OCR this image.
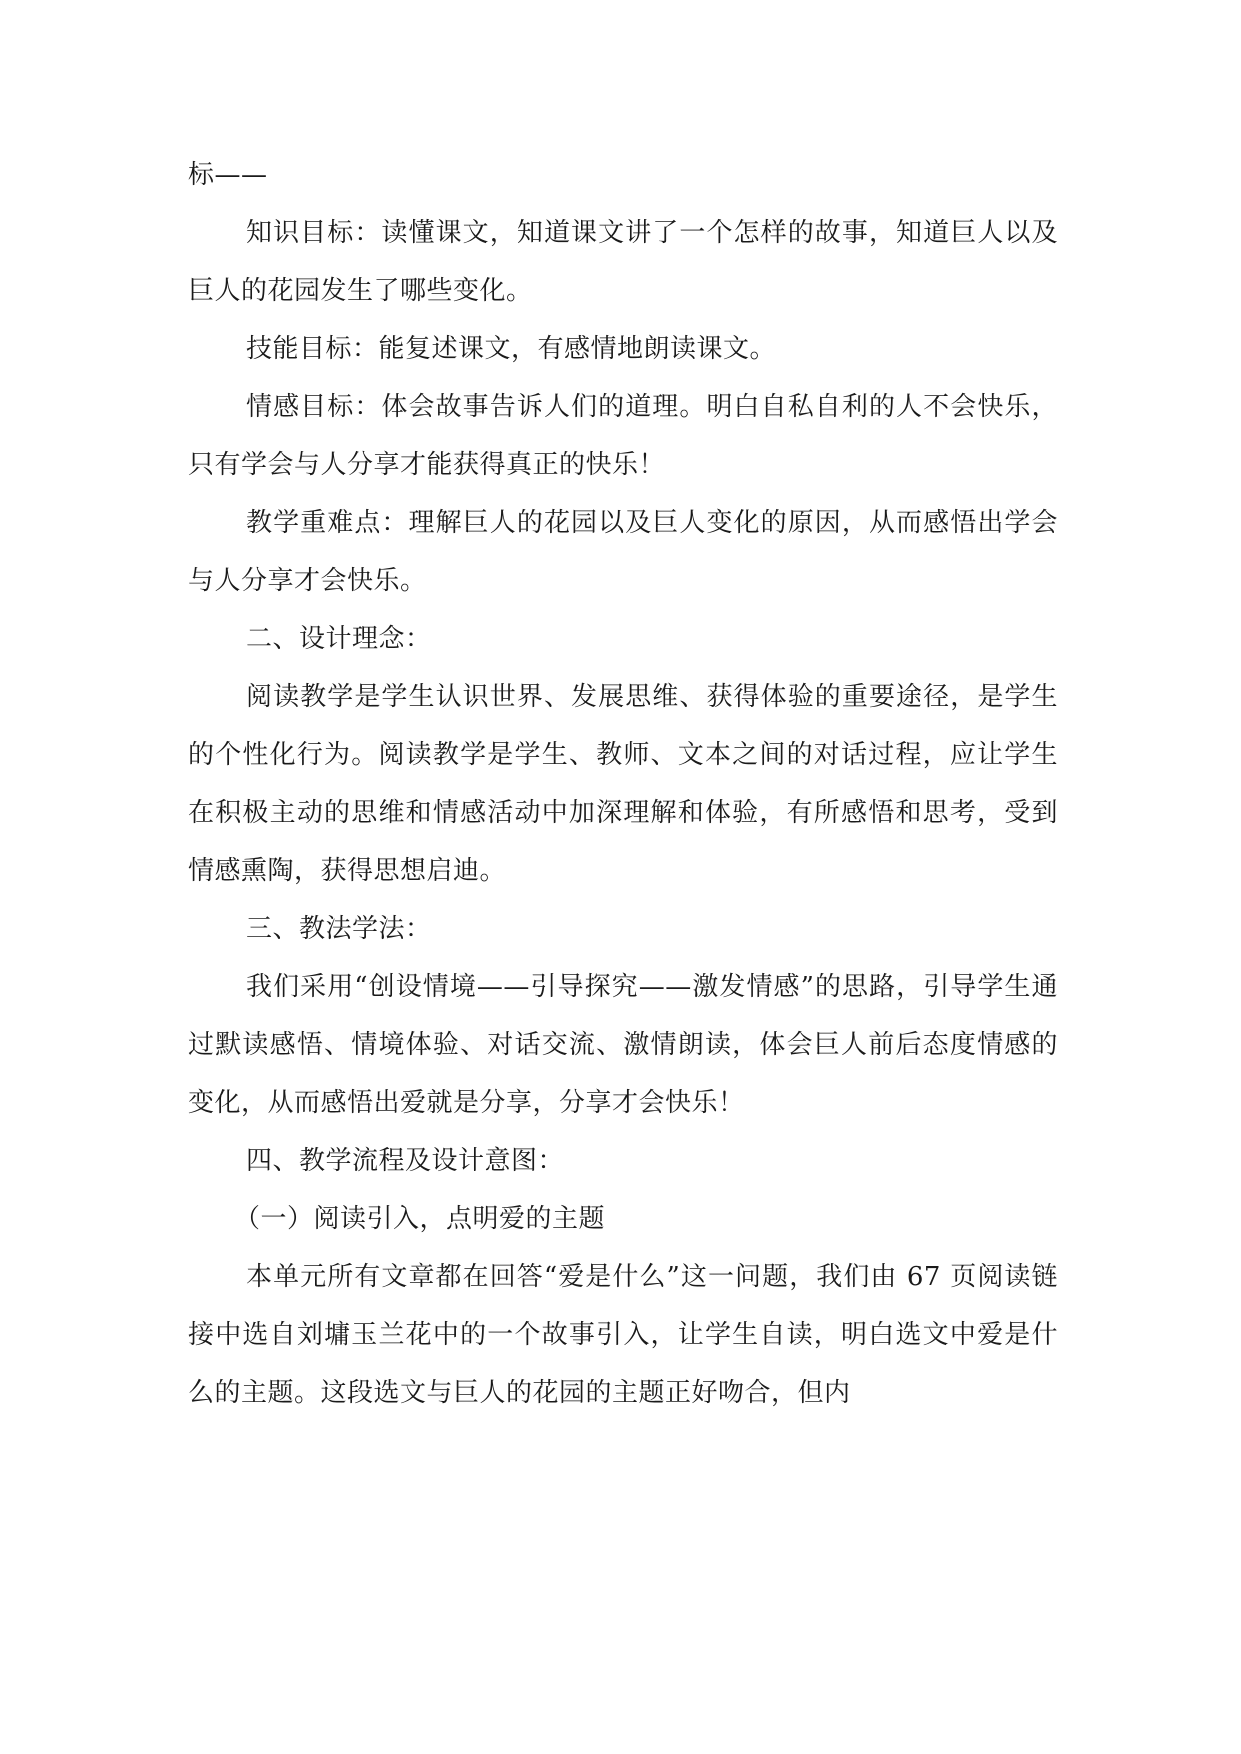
标——

知识目标：读懂课文，知道课文讲了一个怎样的故事，知道巨人以及巨人的花园发生了哪些变化。

技能目标：能复述课文，有感情地朗读课文。

情感目标：体会故事告诉人们的道理。明白自私自利的人不会快乐，只有学会与人分享才能获得真正的快乐！

教学重难点：理解巨人的花园以及巨人变化的原因，从而感悟出学会与人分享才会快乐。

二、设计理念：

阅读教学是学生认识世界、发展思维、获得体验的重要途径，是学生的个性化行为。阅读教学是学生、教师、文本之间的对话过程，应让学生在积极主动的思维和情感活动中加深理解和体验，有所感悟和思考，受到情感熏陶，获得思想启迪。

三、教法学法：

我们采用“创设情境——引导探究——激发情感”的思路，引导学生通过默读感悟、情境体验、对话交流、激情朗读，体会巨人前后态度情感的变化，从而感悟出爱就是分享，分享才会快乐！

四、教学流程及设计意图：

（一）阅读引入，点明爱的主题

本单元所有文章都在回答“爱是什么”这一问题，我们由 67 页阅读链接中选自刘墉玉兰花中的一个故事引入，让学生自读，明白选文中爱是什么的主题。这段选文与巨人的花园的主题正好吻合，但内
